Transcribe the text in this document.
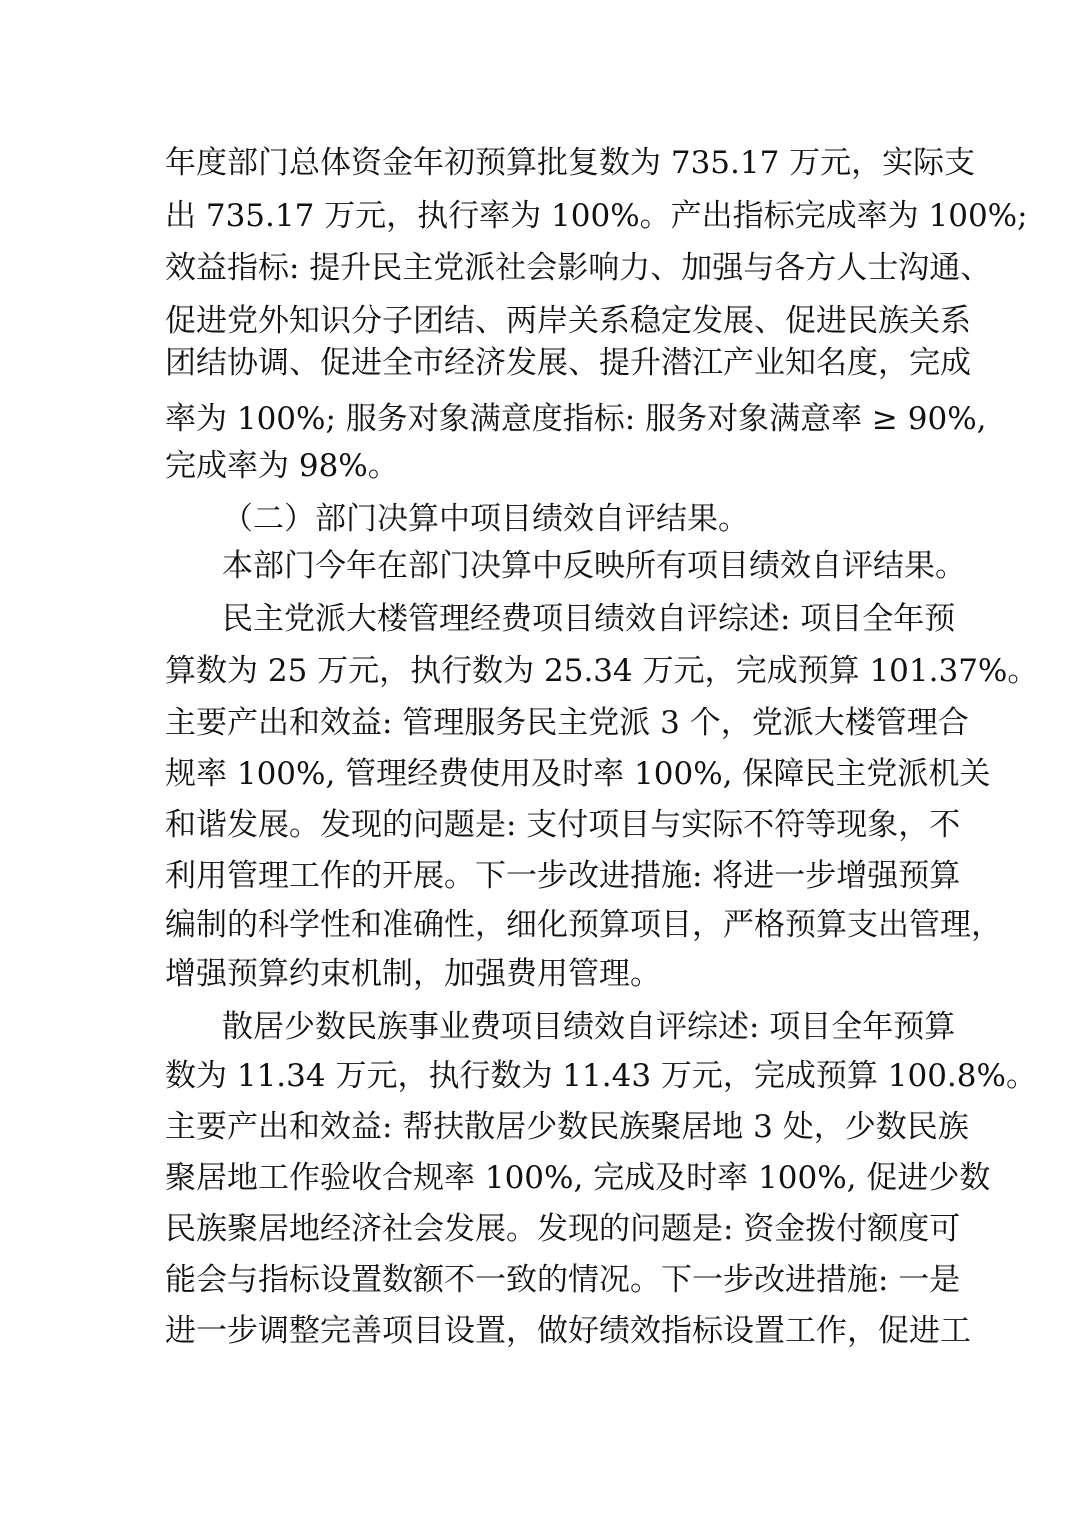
年度部门总体资金年初预算批复数为 735.17 万元，实际支
出 735.17 万元，执行率为 100%。产出指标完成率为 100%;
效益指标: 提升民主党派社会影响力、加强与各方人士沟通、
促进党外知识分子团结、两岸关系稳定发展、促进民族关系
团结协调、促进全市经济发展、提升潜江产业知名度，完成
率为 100%; 服务对象满意度指标: 服务对象满意率 ≥ 90%,
完成率为 98%。
（二）部门决算中项目绩效自评结果。
本部门今年在部门决算中反映所有项目绩效自评结果。
民主党派大楼管理经费项目绩效自评综述: 项目全年预
算数为 25 万元，执行数为 25.34 万元，完成预算 101.37%。
主要产出和效益: 管理服务民主党派 3 个，党派大楼管理合
规率 100%, 管理经费使用及时率 100%, 保障民主党派机关
和谐发展。发现的问题是: 支付项目与实际不符等现象，不
利用管理工作的开展。下一步改进措施: 将进一步增强预算
编制的科学性和准确性，细化预算项目，严格预算支出管理，
增强预算约束机制，加强费用管理。
散居少数民族事业费项目绩效自评综述: 项目全年预算
数为 11.34 万元，执行数为 11.43 万元，完成预算 100.8%。
主要产出和效益: 帮扶散居少数民族聚居地 3 处，少数民族
聚居地工作验收合规率 100%, 完成及时率 100%, 促进少数
民族聚居地经济社会发展。发现的问题是: 资金拨付额度可
能会与指标设置数额不一致的情况。下一步改进措施: 一是
进一步调整完善项目设置，做好绩效指标设置工作，促进工
